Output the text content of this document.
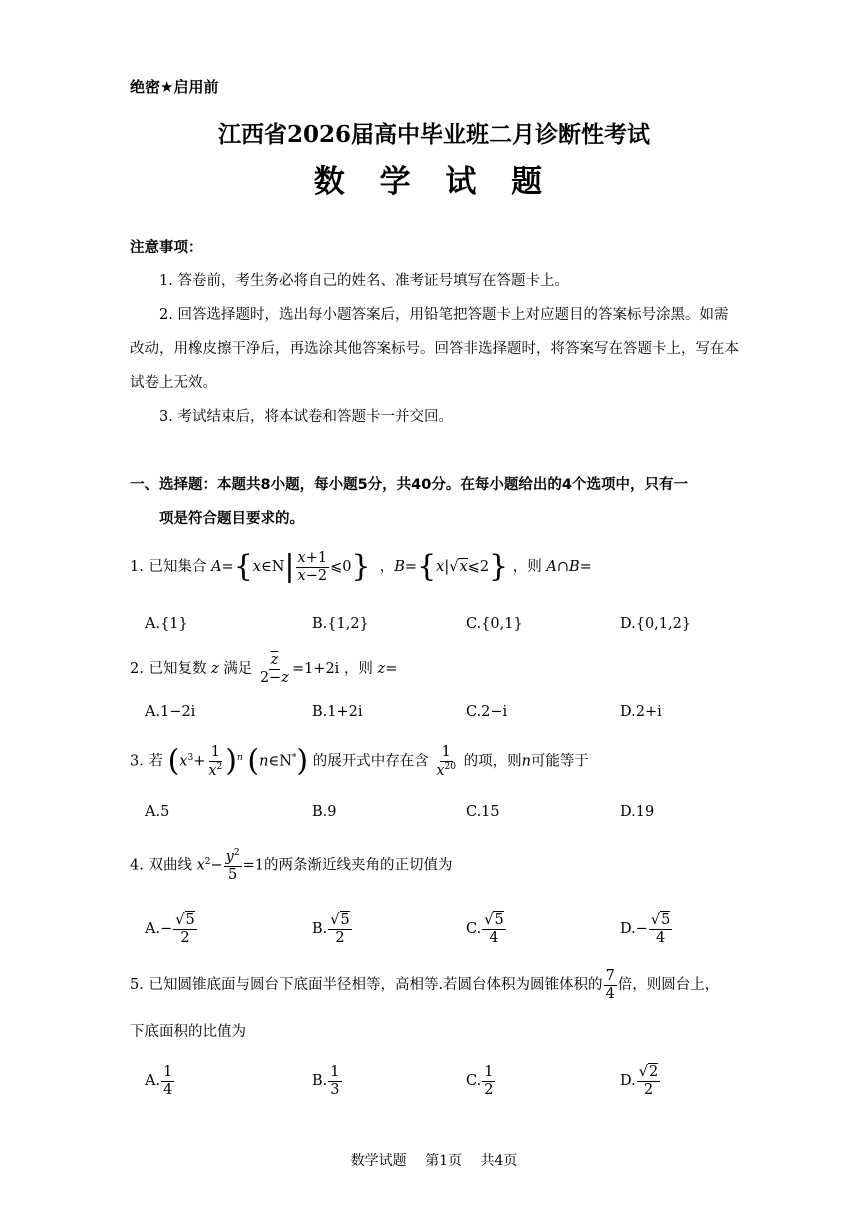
绝密★启用前
江西省2026届高中毕业班二月诊断性考试
数 学 试 题
注意事项：
1. 答卷前，考生务必将自己的姓名、准考证号填写在答题卡上。
2. 回答选择题时，选出每小题答案后，用铅笔把答题卡上对应题目的答案标号涂黑。如需改动，用橡皮擦干净后，再选涂其他答案标号。回答非选择题时，将答案写在答题卡上，写在本试卷上无效。
3. 考试结束后，将本试卷和答题卡一并交回。
一、选择题：本题共8小题，每小题5分，共40分。在每小题给出的4个选项中，只有一
项是符合题目要求的。
1. 已知集合 A={x∈N| $\frac{x+1}{x-2}$ ⩽0}  ，B={x|√x⩽2} ，则 A∩B=
A.{1}	B.{1,2}	C.{0,1}	D.{0,1,2}
2. 已知复数 z 满足 $\frac{\overline{z}}{2-z} =1+2i$ ，则 z=
A.1−2i	B.1+2i	C.2−i	D.2+i
3. 若 $(x^3+ \frac{1}{x^2} )^n$ (n∈N*) 的展开式中存在含 $\frac{1}{x^{20}}$ 的项，则n可能等于
A.5	B.9	C.15	D.19
4. 双曲线 $x^2- \frac{y^2}{5} =1$的两条渐近线夹角的正切值为
$A.- \frac{√5}{2}$	B. $\frac{√5}{2}$	C. $\frac{√5}{4}$	$D.- \frac{√5}{4}$
5. 已知圆锥底面与圆台下底面半径相等，高相等.若圆台体积为圆锥体积的 $\frac{7}{4}$ 倍，则圆台上，
下底面积的比值为
A. $\frac{1}{4}$	B. $\frac{1}{3}$	C. $\frac{1}{2}$	D. $\frac{√2}{2}$
数学试题　 第1页　 共4页
